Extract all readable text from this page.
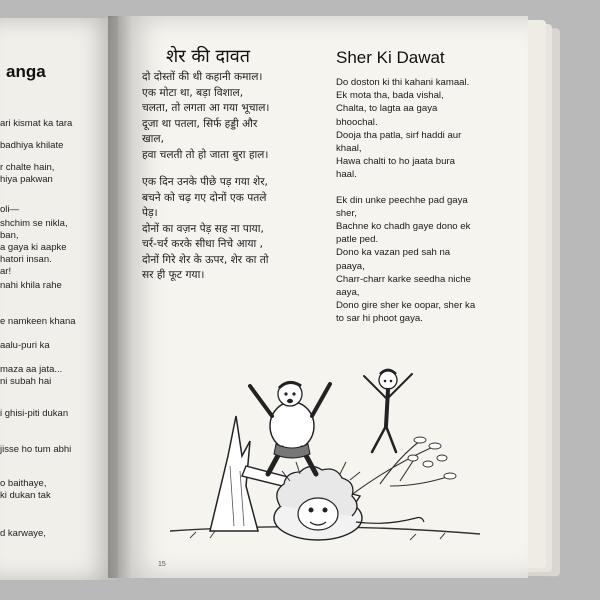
anga
ari kismat ka tara
badhiya khilate
r chalte hain,
hiya pakwan
oli—
shchim se nikla,
ban,
a gaya ki aapke
hatori insan.
ar!
nahi khila rahe
e namkeen khana
aalu-puri ka
maza aa jata...
ni subah hai
i ghisi-piti dukan
jisse ho tum abhi
o baithaye,
ki dukan tak
d karwaye,
शेर की दावत
दो दोस्तों की थी कहानी कमाल।
एक मोटा था, बड़ा विशाल,
चलता, तो लगता आ गया भूचाल।
दूजा था पतला, सिर्फ हड्डी और
खाल,
हवा चलती तो हो जाता बुरा हाल।
एक दिन उनके पीछे पड़ गया शेर,
बचने को चढ़ गए दोनों एक पतले
पेड़।
दोनों का वज़न पेड़ सह ना पाया,
चर्र-चर्र करके सीधा निचे आया ,
दोनों गिरे शेर के ऊपर, शेर का तो
सर ही फूट गया।
Sher Ki Dawat
Do doston ki thi kahani kamaal.
Ek mota tha, bada vishal,
Chalta, to lagta aa gaya
bhoochal.
Dooja tha patla, sirf haddi aur
khaal,
Hawa chalti to ho jaata bura
haal.
Ek din unke peechhe pad gaya
sher,
Bachne ko chadh gaye dono ek
patle ped.
Dono ka vazan ped sah na
paaya,
Charr-charr karke seedha niche
aaya,
Dono gire sher ke oopar, sher ka
to sar hi phoot gaya.
15
